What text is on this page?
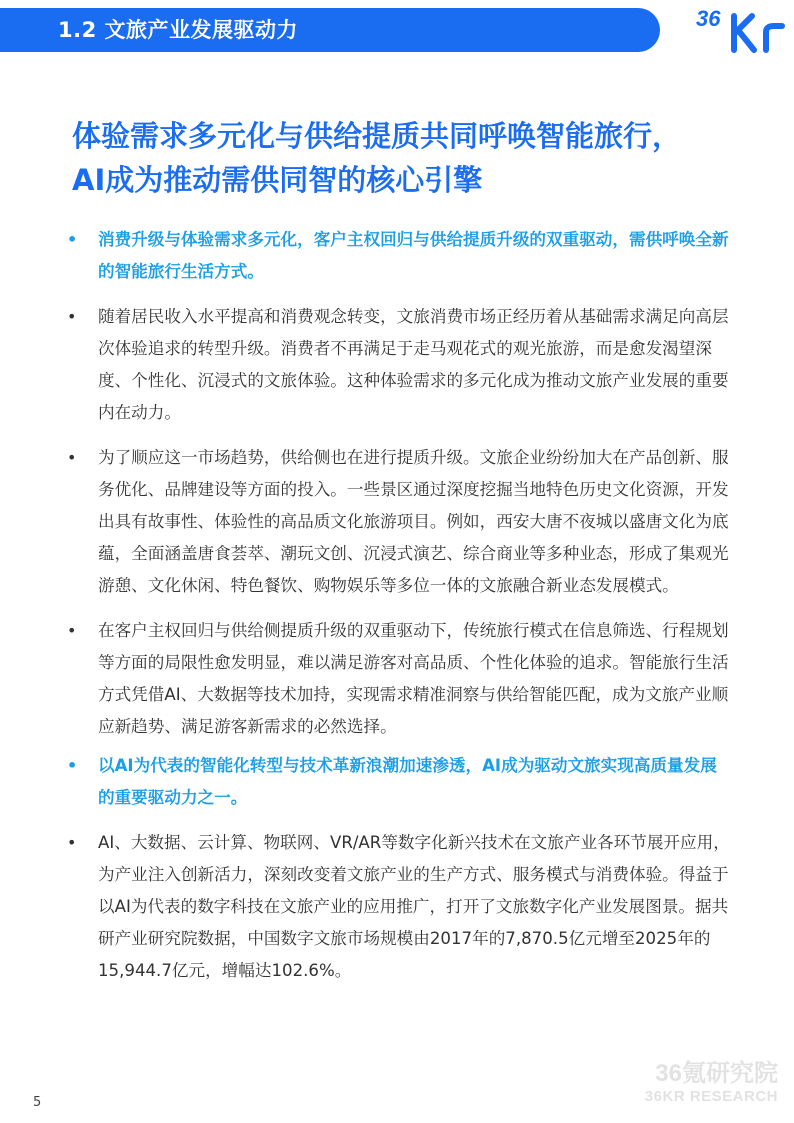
1.2 文旅产业发展驱动力	36
体验需求多元化与供给提质共同呼唤智能旅行，
AI成为推动需供同智的核心引擎
• 消费升级与体验需求多元化，客户主权回归与供给提质升级的双重驱动，需供呼唤全新的智能旅行生活方式。
• 随着居民收入水平提高和消费观念转变，文旅消费市场正经历着从基础需求满足向高层次体验追求的转型升级。消费者不再满足于走马观花式的观光旅游，而是愈发渴望深度、个性化、沉浸式的文旅体验。这种体验需求的多元化成为推动文旅产业发展的重要内在动力。
• 为了顺应这一市场趋势，供给侧也在进行提质升级。文旅企业纷纷加大在产品创新、服务优化、品牌建设等方面的投入。一些景区通过深度挖掘当地特色历史文化资源，开发出具有故事性、体验性的高品质文化旅游项目。例如，西安大唐不夜城以盛唐文化为底蕴，全面涵盖唐食荟萃、潮玩文创、沉浸式演艺、综合商业等多种业态，形成了集观光游憩、文化休闲、特色餐饮、购物娱乐等多位一体的文旅融合新业态发展模式。
• 在客户主权回归与供给侧提质升级的双重驱动下，传统旅行模式在信息筛选、行程规划等方面的局限性愈发明显，难以满足游客对高品质、个性化体验的追求。智能旅行生活方式凭借AI、大数据等技术加持，实现需求精准洞察与供给智能匹配，成为文旅产业顺应新趋势、满足游客新需求的必然选择。
• 以AI为代表的智能化转型与技术革新浪潮加速渗透，AI成为驱动文旅实现高质量发展的重要驱动力之一。
• AI、大数据、云计算、物联网、VR/AR等数字化新兴技术在文旅产业各环节展开应用，为产业注入创新活力，深刻改变着文旅产业的生产方式、服务模式与消费体验。得益于以AI为代表的数字科技在文旅产业的应用推广，打开了文旅数字化产业发展图景。据共研产业研究院数据，中国数字文旅市场规模由2017年的7,870.5亿元增至2025年的15,944.7亿元，增幅达102.6%。
36氪研究院
36KR RESEARCH
5
